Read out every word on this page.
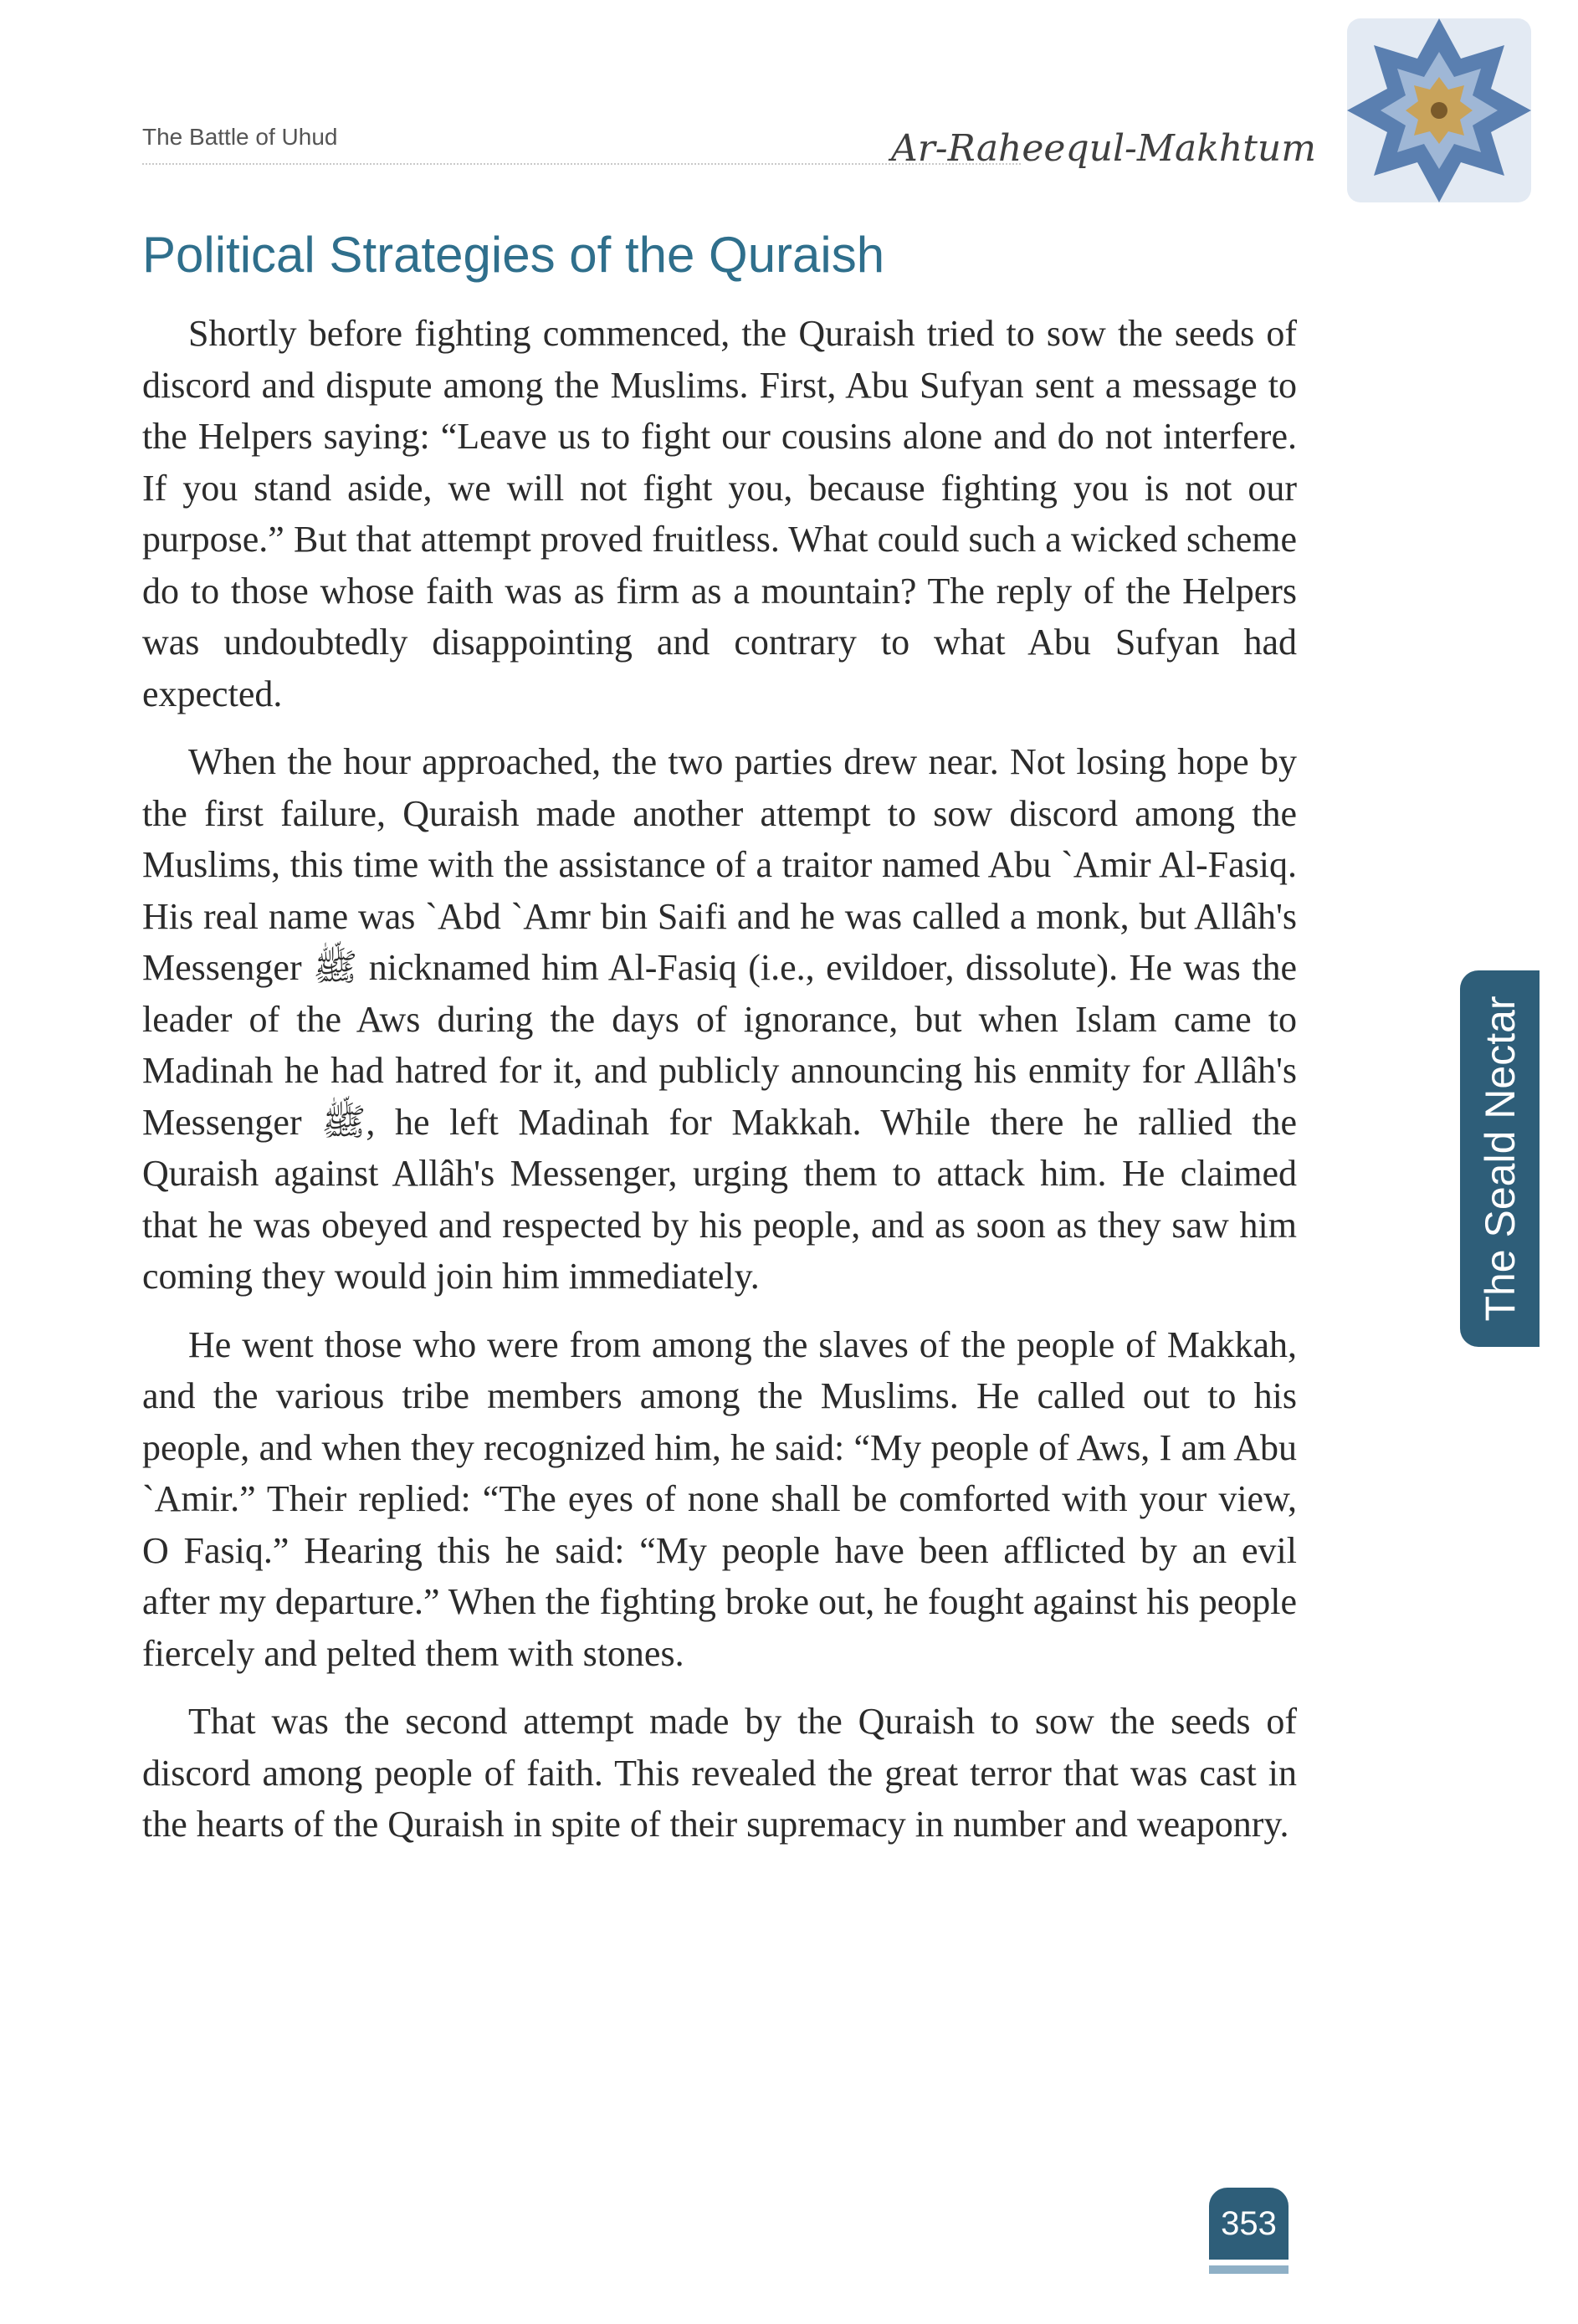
The Battle of Uhud	Ar-Raheequl-Makhtum
Political Strategies of the Quraish

Shortly before fighting commenced, the Quraish tried to sow the seeds of discord and dispute among the Muslims. First, Abu Sufyan sent a message to the Helpers saying: “Leave us to fight our cousins alone and do not interfere. If you stand aside, we will not fight you, because fighting you is not our purpose.” But that attempt proved fruitless. What could such a wicked scheme do to those whose faith was as firm as a mountain? The reply of the Helpers was undoubtedly disappointing and contrary to what Abu Sufyan had expected.

When the hour approached, the two parties drew near. Not losing hope by the first failure, Quraish made another attempt to sow discord among the Muslims, this time with the assistance of a traitor named Abu `Amir Al-Fasiq. His real name was `Abd `Amr bin Saifi and he was called a monk, but Allâh's Messenger ﷺ nicknamed him Al-Fasiq (i.e., evildoer, dissolute). He was the leader of the Aws during the days of ignorance, but when Islam came to Madinah he had hatred for it, and publicly announcing his enmity for Allâh's Messenger ﷺ, he left Madinah for Makkah. While there he rallied the Quraish against Allâh's Messenger, urging them to attack him. He claimed that he was obeyed and respected by his people, and as soon as they saw him coming they would join him immediately.

He went those who were from among the slaves of the people of Makkah, and the various tribe members among the Muslims. He called out to his people, and when they recognized him, he said: “My people of Aws, I am Abu `Amir.” Their replied: “The eyes of none shall be comforted with your view, O Fasiq.” Hearing this he said: “My people have been afflicted by an evil after my departure.” When the fighting broke out, he fought against his people fiercely and pelted them with stones.

That was the second attempt made by the Quraish to sow the seeds of discord among people of faith. This revealed the great terror that was cast in the hearts of the Quraish in spite of their supremacy in number and weaponry.

The Seald Nectar
353
